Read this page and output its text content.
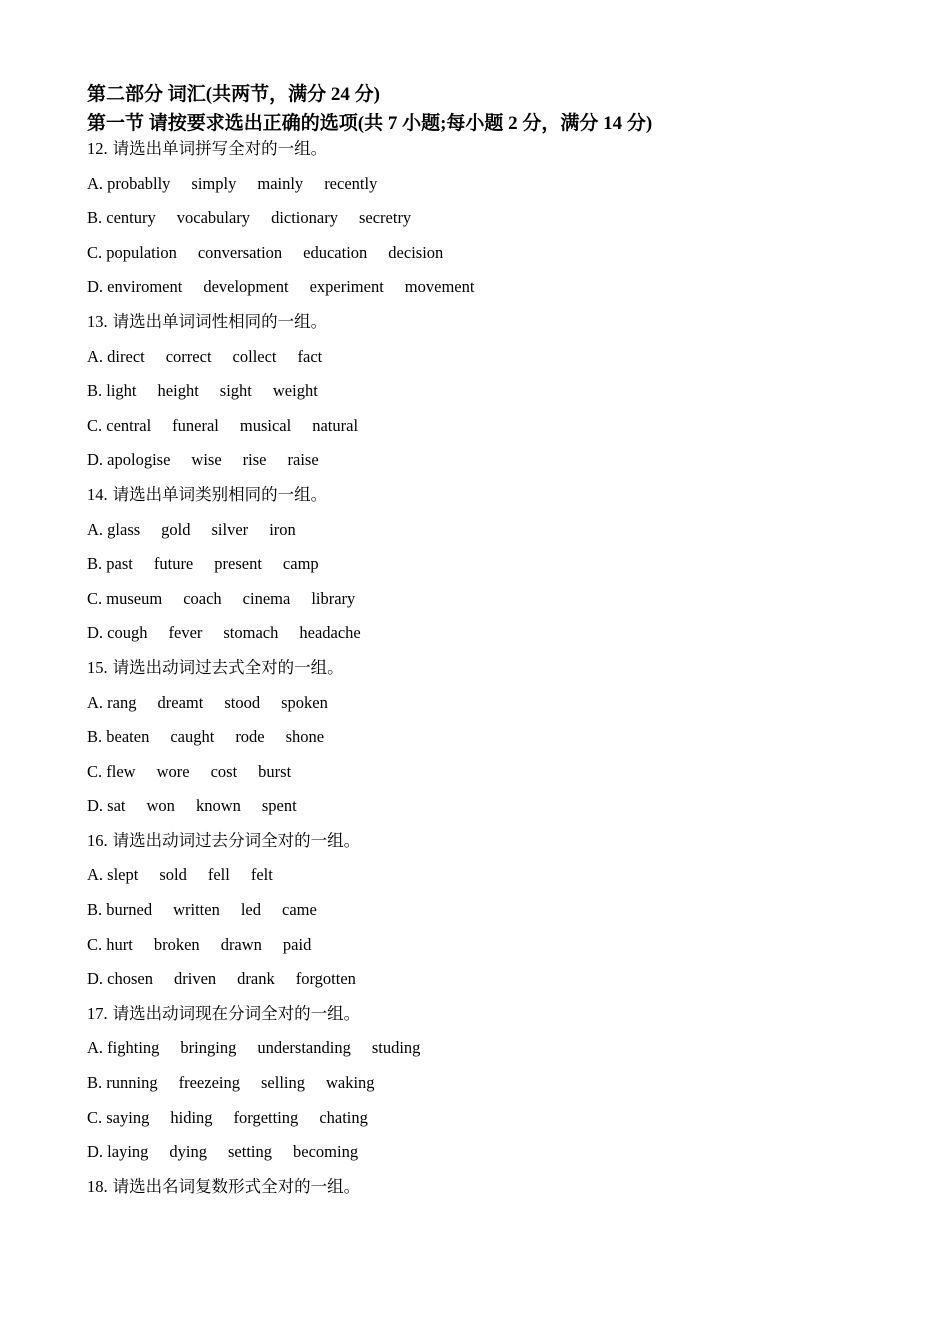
第二部分 词汇(共两节，满分 24 分)
第一节 请按要求选出正确的选项(共 7 小题;每小题 2 分，满分 14 分)
12. 请选出单词拼写全对的一组。
A. probablly simply mainly recently
B. century vocabulary dictionary secretry
C. population conversation education decision
D. enviroment development experiment movement
13. 请选出单词词性相同的一组。
A. direct correct collect fact
B. light height sight weight
C. central funeral musical natural
D. apologise wise rise raise
14. 请选出单词类别相同的一组。
A. glass gold silver iron
B. past future present camp
C. museum coach cinema library
D. cough fever stomach headache
15. 请选出动词过去式全对的一组。
A. rang dreamt stood spoken
B. beaten caught rode shone
C. flew wore cost burst
D. sat won known spent
16. 请选出动词过去分词全对的一组。
A. slept sold fell felt
B. burned written led came
C. hurt broken drawn paid
D. chosen driven drank forgotten
17. 请选出动词现在分词全对的一组。
A. fighting bringing understanding studing
B. running freezeing selling waking
C. saying hiding forgetting chating
D. laying dying setting becoming
18. 请选出名词复数形式全对的一组。
